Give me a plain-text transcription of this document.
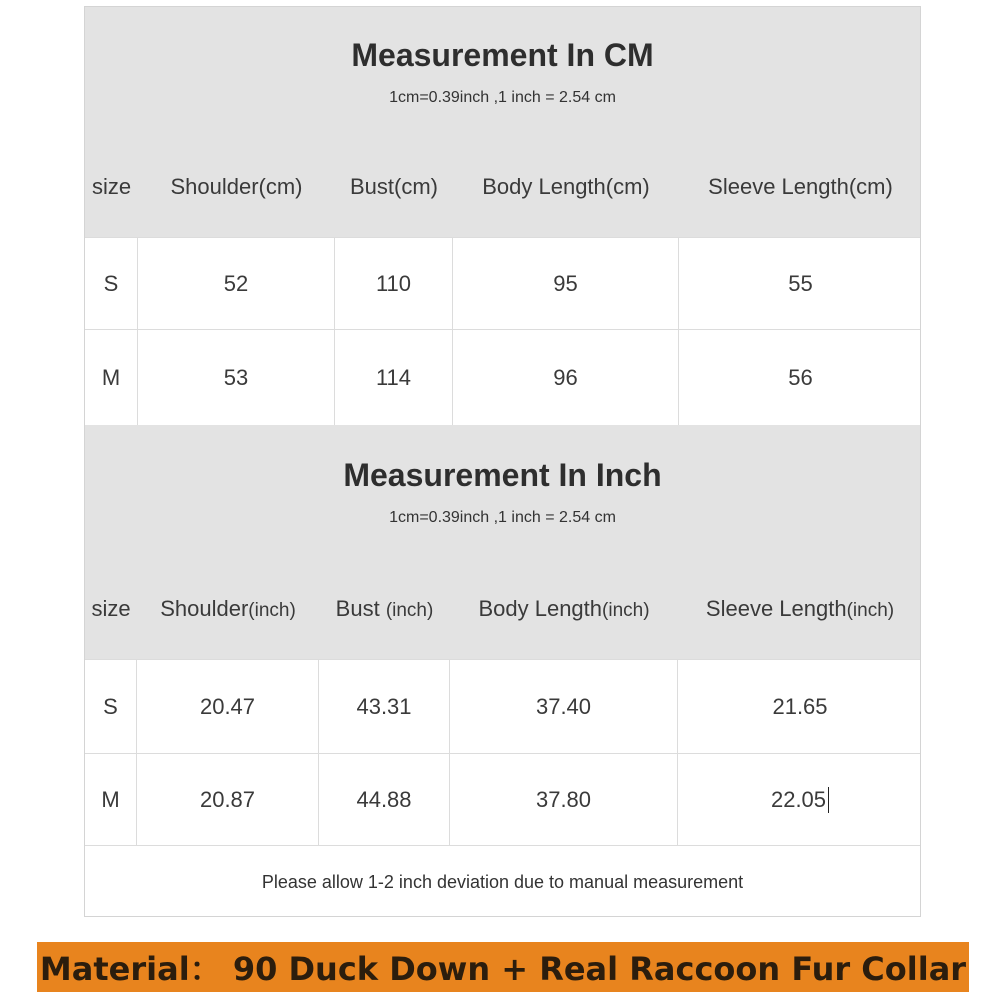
Measurement In CM
1cm=0.39inch ,1 inch = 2.54 cm
size	Shoulder(cm)	Bust(cm)	Body Length(cm)	Sleeve Length(cm)
S	52	110	95	55
M	53	114	96	56
Measurement In Inch
1cm=0.39inch ,1 inch = 2.54 cm
size	Shoulder(inch)	Bust (inch)	Body Length(inch)	Sleeve Length(inch)
S	20.47	43.31	37.40	21.65
M	20.87	44.88	37.80	22.05
Please allow 1-2 inch deviation due to manual measurement
Material： 90 Duck Down + Real Raccoon Fur Collar
